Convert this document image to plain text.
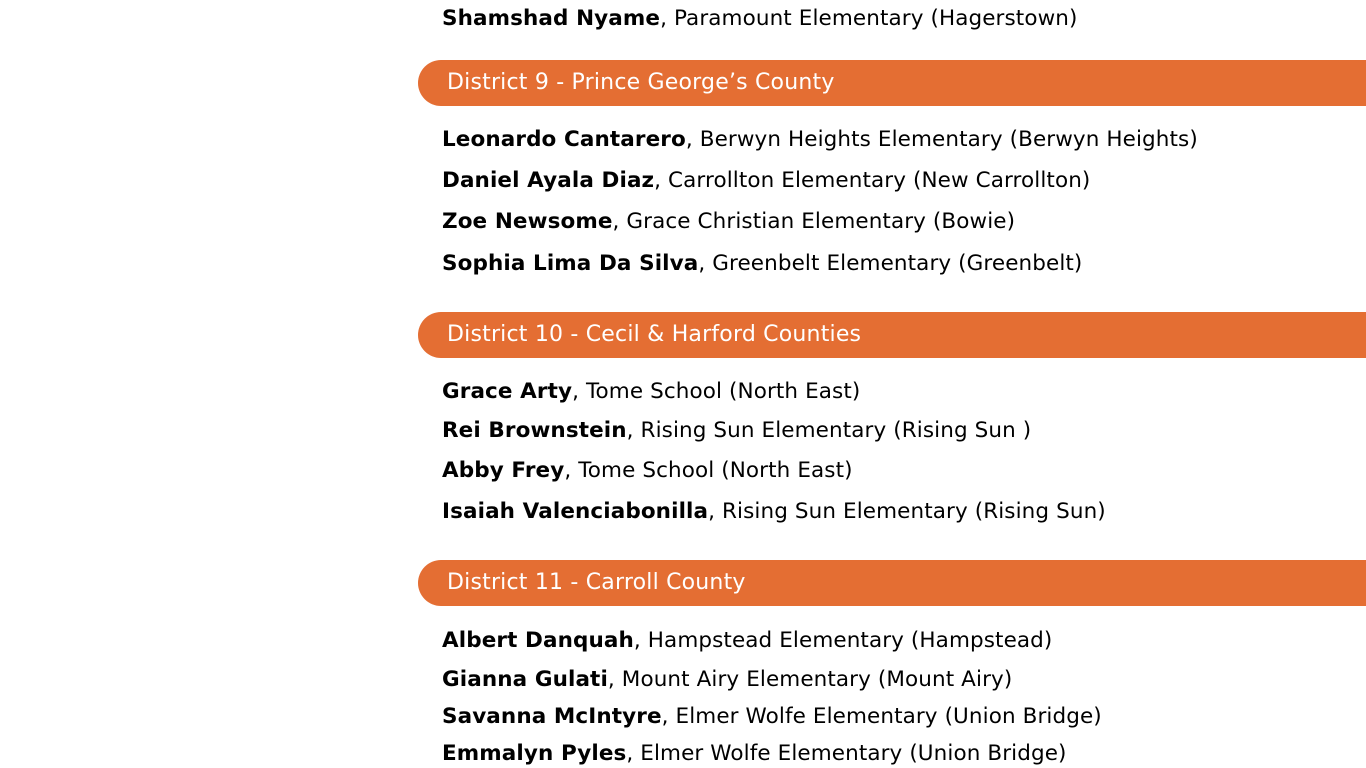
Shamshad Nyame, Paramount Elementary (Hagerstown)
District 9 - Prince George’s County
Leonardo Cantarero, Berwyn Heights Elementary (Berwyn Heights)
Daniel Ayala Diaz, Carrollton Elementary (New Carrollton)
Zoe Newsome, Grace Christian Elementary (Bowie)
Sophia Lima Da Silva, Greenbelt Elementary (Greenbelt)
District 10 - Cecil & Harford Counties
Grace Arty, Tome School (North East)
Rei Brownstein, Rising Sun Elementary (Rising Sun )
Abby Frey, Tome School (North East)
Isaiah Valenciabonilla, Rising Sun Elementary (Rising Sun)
District 11 - Carroll County
Albert Danquah, Hampstead Elementary (Hampstead)
Gianna Gulati, Mount Airy Elementary (Mount Airy)
Savanna McIntyre, Elmer Wolfe Elementary (Union Bridge)
Emmalyn Pyles, Elmer Wolfe Elementary (Union Bridge)
